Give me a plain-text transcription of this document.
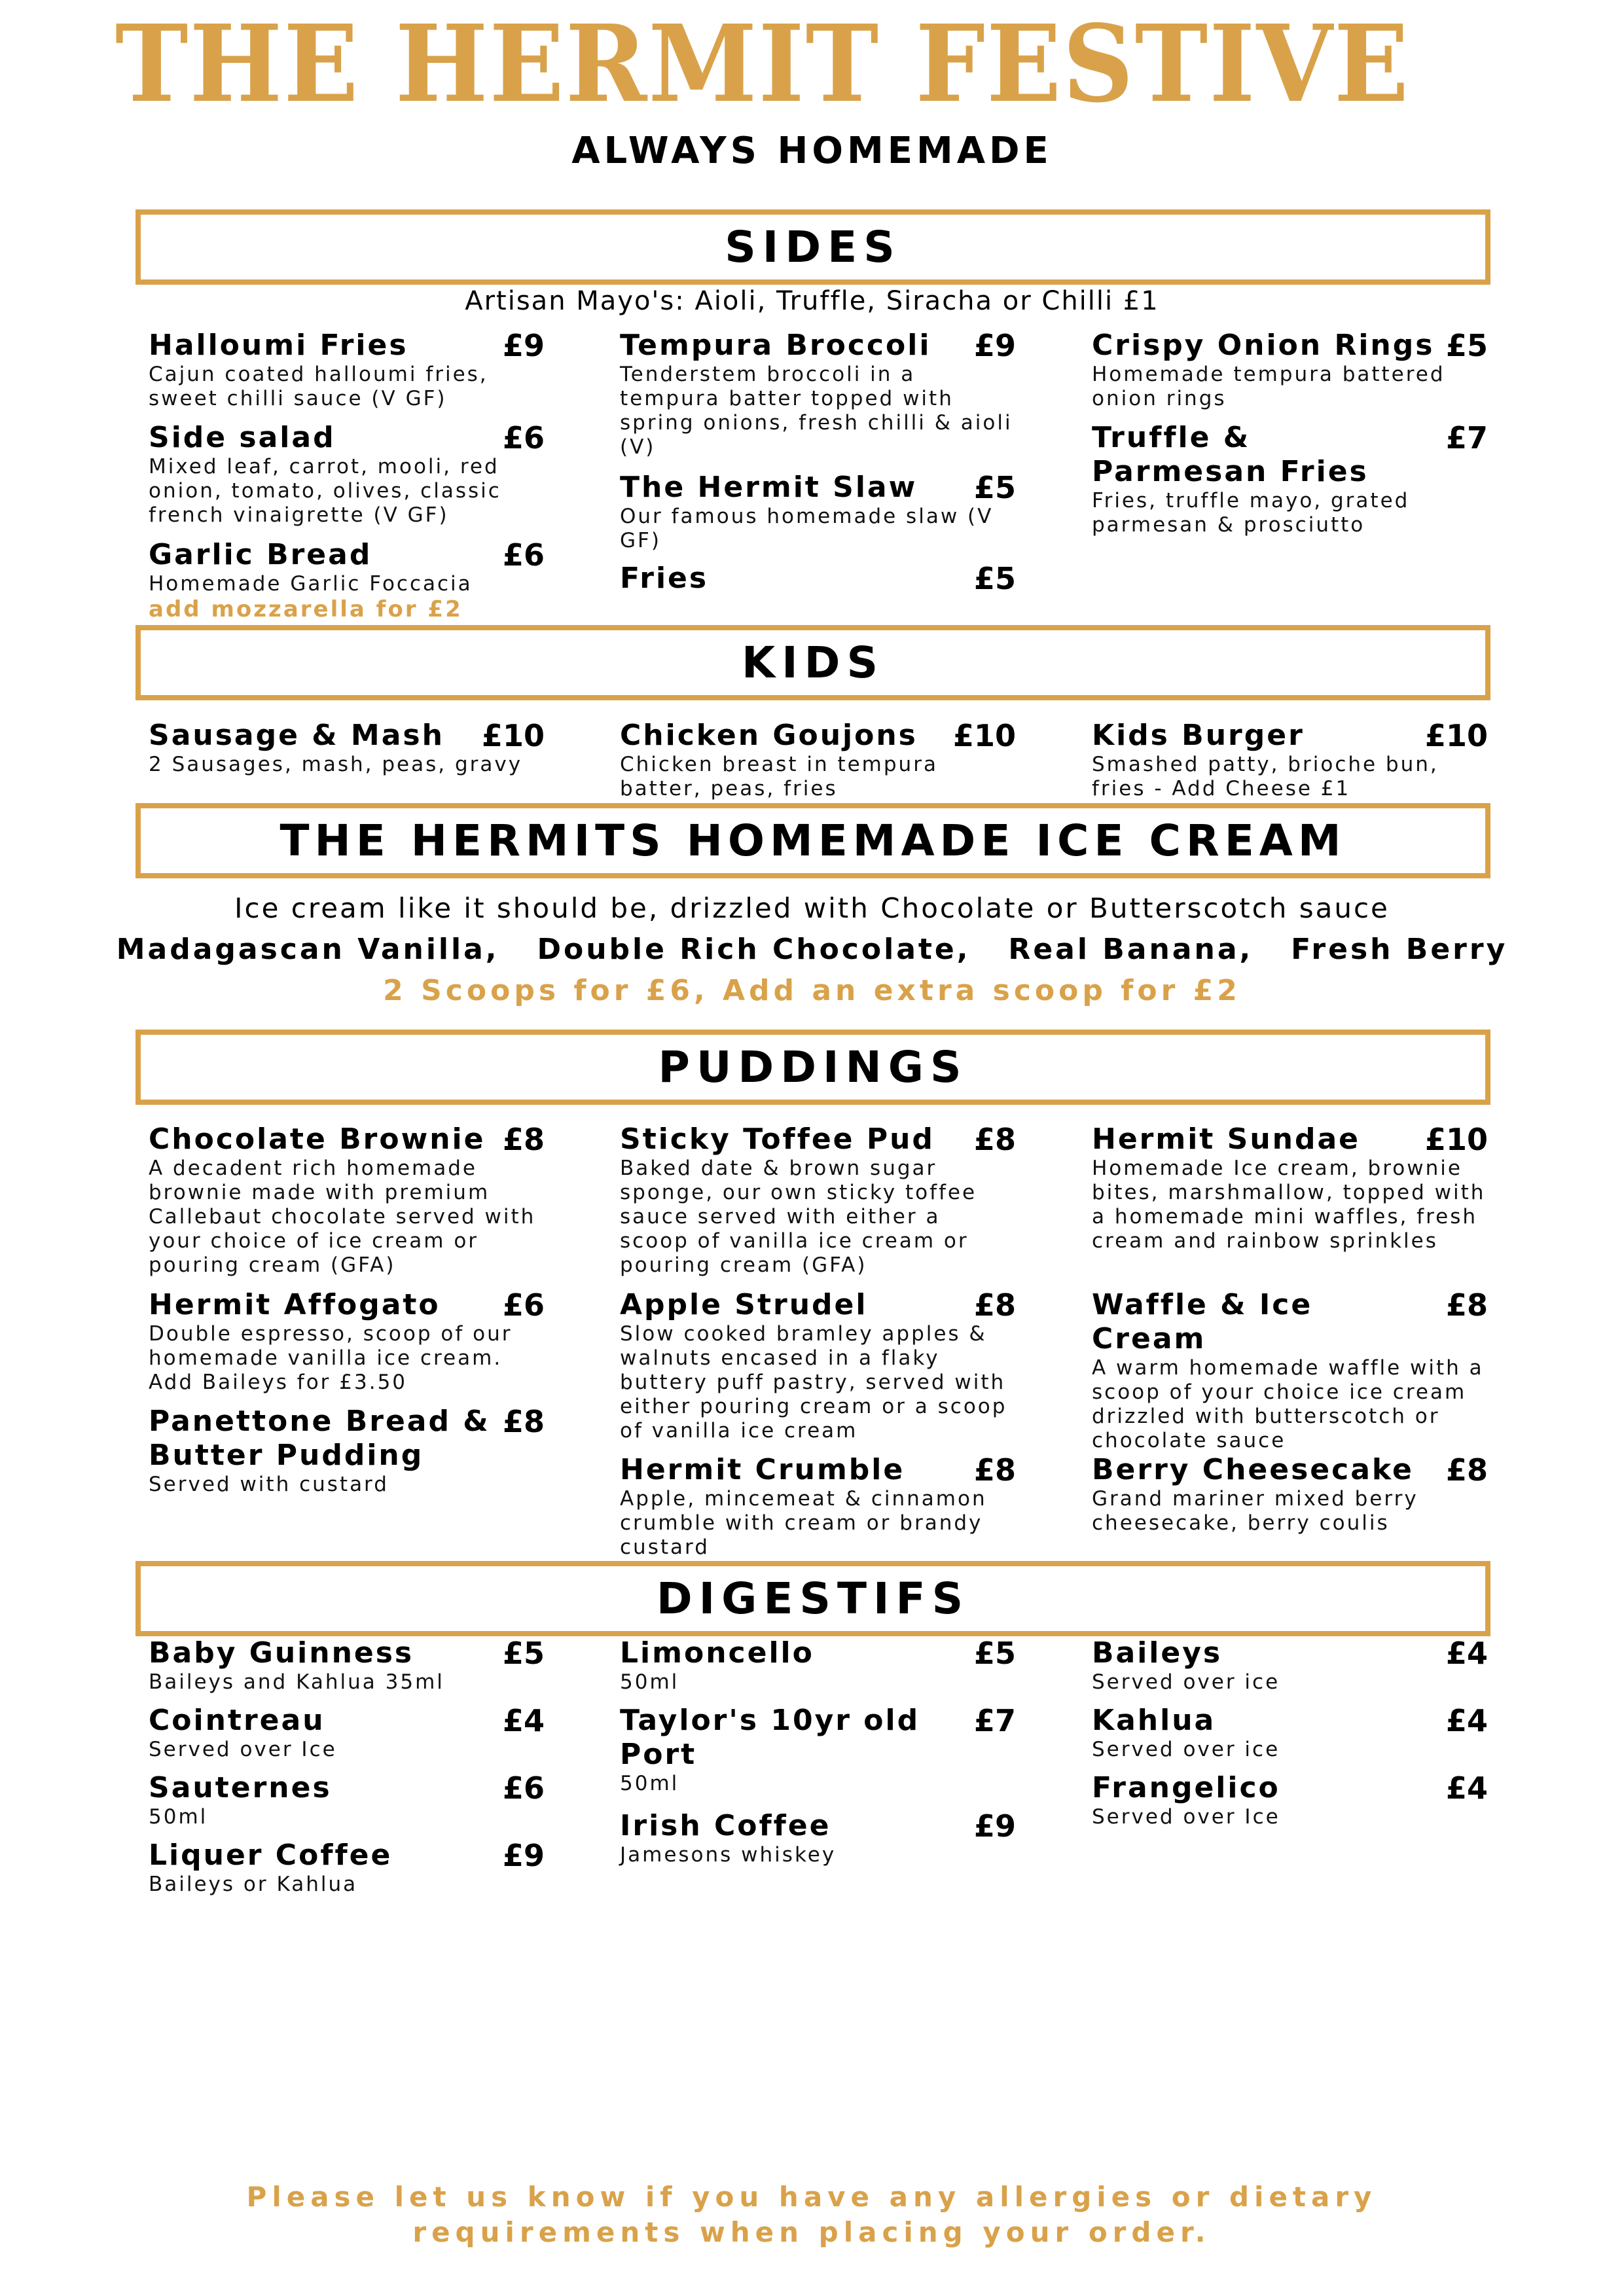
THE HERMIT FESTIVE
ALWAYS HOMEMADE
SIDES
Artisan Mayo's: Aioli, Truffle, Siracha or Chilli £1
Halloumi Fries	£9
Cajun coated halloumi fries, sweet chilli sauce (V GF)
Side salad	£6
Mixed leaf, carrot, mooli, red onion, tomato, olives, classic french vinaigrette (V GF)
Garlic Bread	£6
Homemade Garlic Foccacia
add mozzarella for £2
Tempura Broccoli	£9
Tenderstem broccoli in a tempura batter topped with spring onions, fresh chilli & aioli (V)
The Hermit Slaw	£5
Our famous homemade slaw (V GF)
Fries	£5
Crispy Onion Rings £5
Homemade tempura battered onion rings
Truffle & Parmesan Fries
£7
Fries, truffle mayo, grated parmesan & prosciutto
KIDS
Sausage & Mash	£10
2 Sausages, mash, peas, gravy
Chicken Goujons	£10
Chicken breast in tempura batter, peas, fries
Kids Burger	£10
Smashed patty, brioche bun, fries - Add Cheese £1
THE HERMITS HOMEMADE ICE CREAM
Ice cream like it should be, drizzled with Chocolate or Butterscotch sauce
Madagascan Vanilla,   Double Rich Chocolate,   Real Banana,   Fresh Berry
2 Scoops for £6, Add an extra scoop for £2
PUDDINGS
Chocolate Brownie £8
A decadent rich homemade brownie made with premium Callebaut chocolate served with your choice of ice cream or pouring cream (GFA)
Hermit Affogato	£6
Double espresso, scoop of our homemade vanilla ice cream. Add Baileys for £3.50
Panettone Bread & Butter Pudding
£8
Served with custard
Sticky Toffee Pud	£8
Baked date & brown sugar sponge, our own sticky toffee sauce served with either a scoop of vanilla ice cream or pouring cream (GFA)
Apple Strudel	£8
Slow cooked bramley apples & walnuts encased in a flaky buttery puff pastry, served with either pouring cream or a scoop of vanilla ice cream
Hermit Crumble	£8
Apple, mincemeat & cinnamon crumble with cream or brandy custard
Hermit Sundae	£10
Homemade Ice cream, brownie bites, marshmallow, topped with a homemade mini waffles, fresh cream and rainbow sprinkles
Waffle & Ice Cream
£8
A warm homemade waffle with a scoop of your choice ice cream drizzled with butterscotch or chocolate sauce
Berry Cheesecake	£8
Grand mariner mixed berry cheesecake, berry coulis
DIGESTIFS
Baby Guinness	£5
Baileys and Kahlua 35ml
Cointreau	£4
Served over Ice
Sauternes	£6
50ml
Liquer Coffee	£9
Baileys or Kahlua
Limoncello	£5
50ml
Taylor's 10yr old Port
£7
50ml
Irish Coffee	£9
Jamesons whiskey
Baileys	£4
Served over ice
Kahlua	£4
Served over ice
Frangelico	£4
Served over Ice
Please let us know if you have any allergies or dietary requirements when placing your order.
